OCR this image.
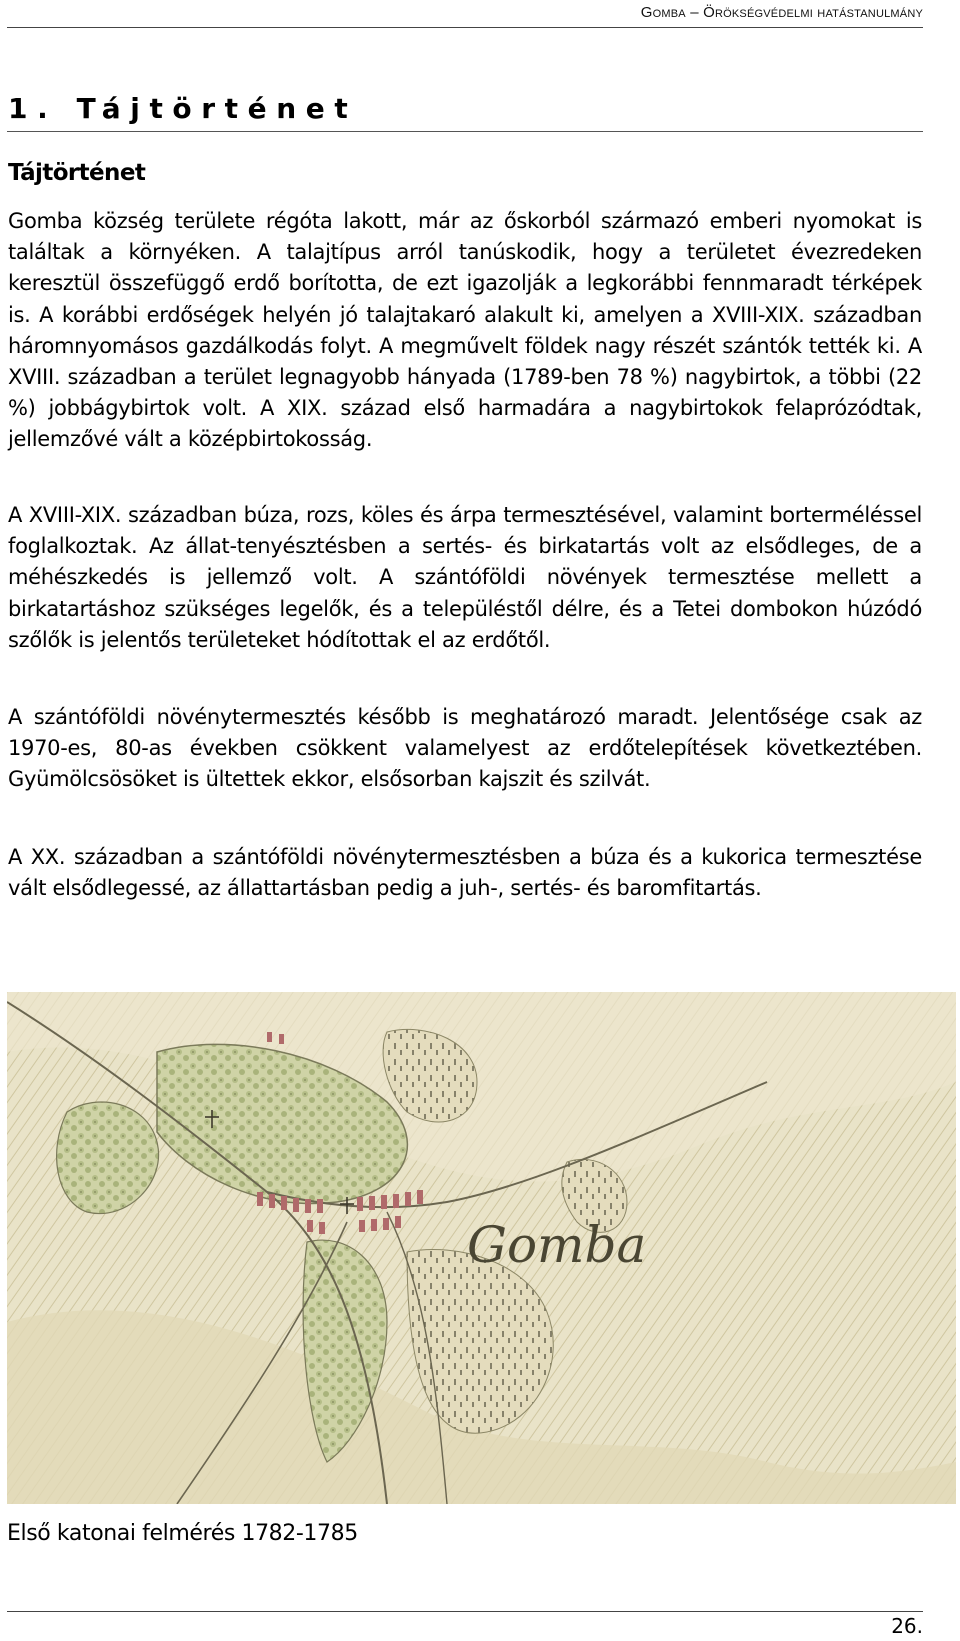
Gomba – Örökségvédelmi hatástanulmány
1. Tájtörténet
Tájtörténet

Gomba község területe régóta lakott, már az őskorból származó emberi nyomokat is találtak a környéken. A talajtípus arról tanúskodik, hogy a területet évezredeken keresztül összefüggő erdő borította, de ezt igazolják a legkorábbi fennmaradt térképek is. A korábbi erdőségek helyén jó talajtakaró alakult ki, amelyen a XVIII-XIX. században háromnyomásos gazdálkodás folyt. A megművelt földek nagy részét szántók tették ki. A XVIII. században a terület legnagyobb hányada (1789-ben 78 %) nagybirtok, a többi (22 %) jobbágybirtok volt. A XIX. század első harmadára a nagybirtokok felaprózódtak, jellemzővé vált a középbirtokosság.

A XVIII-XIX. században búza, rozs, köles és árpa termesztésével, valamint borterméléssel foglalkoztak. Az állat-tenyésztésben a sertés- és birkatartás volt az elsődleges, de a méhészkedés is jellemző volt. A szántóföldi növények termesztése mellett a birkatartáshoz szükséges legelők, és a településtől délre, és a Tetei dombokon húzódó szőlők is jelentős területeket hódítottak el az erdőtől.

A szántóföldi növénytermesztés később is meghatározó maradt. Jelentősége csak az 1970-es, 80-as években csökkent valamelyest az erdőtelepítések következtében. Gyümölcsösöket is ültettek ekkor, elsősorban kajszit és szilvát.

A XX. században a szántóföldi növénytermesztésben a búza és a kukorica termesztése vált elsődlegessé, az állattartásban pedig a juh-, sertés- és baromfitartás.

Gomba
Első katonai felmérés 1782-1785
26.
